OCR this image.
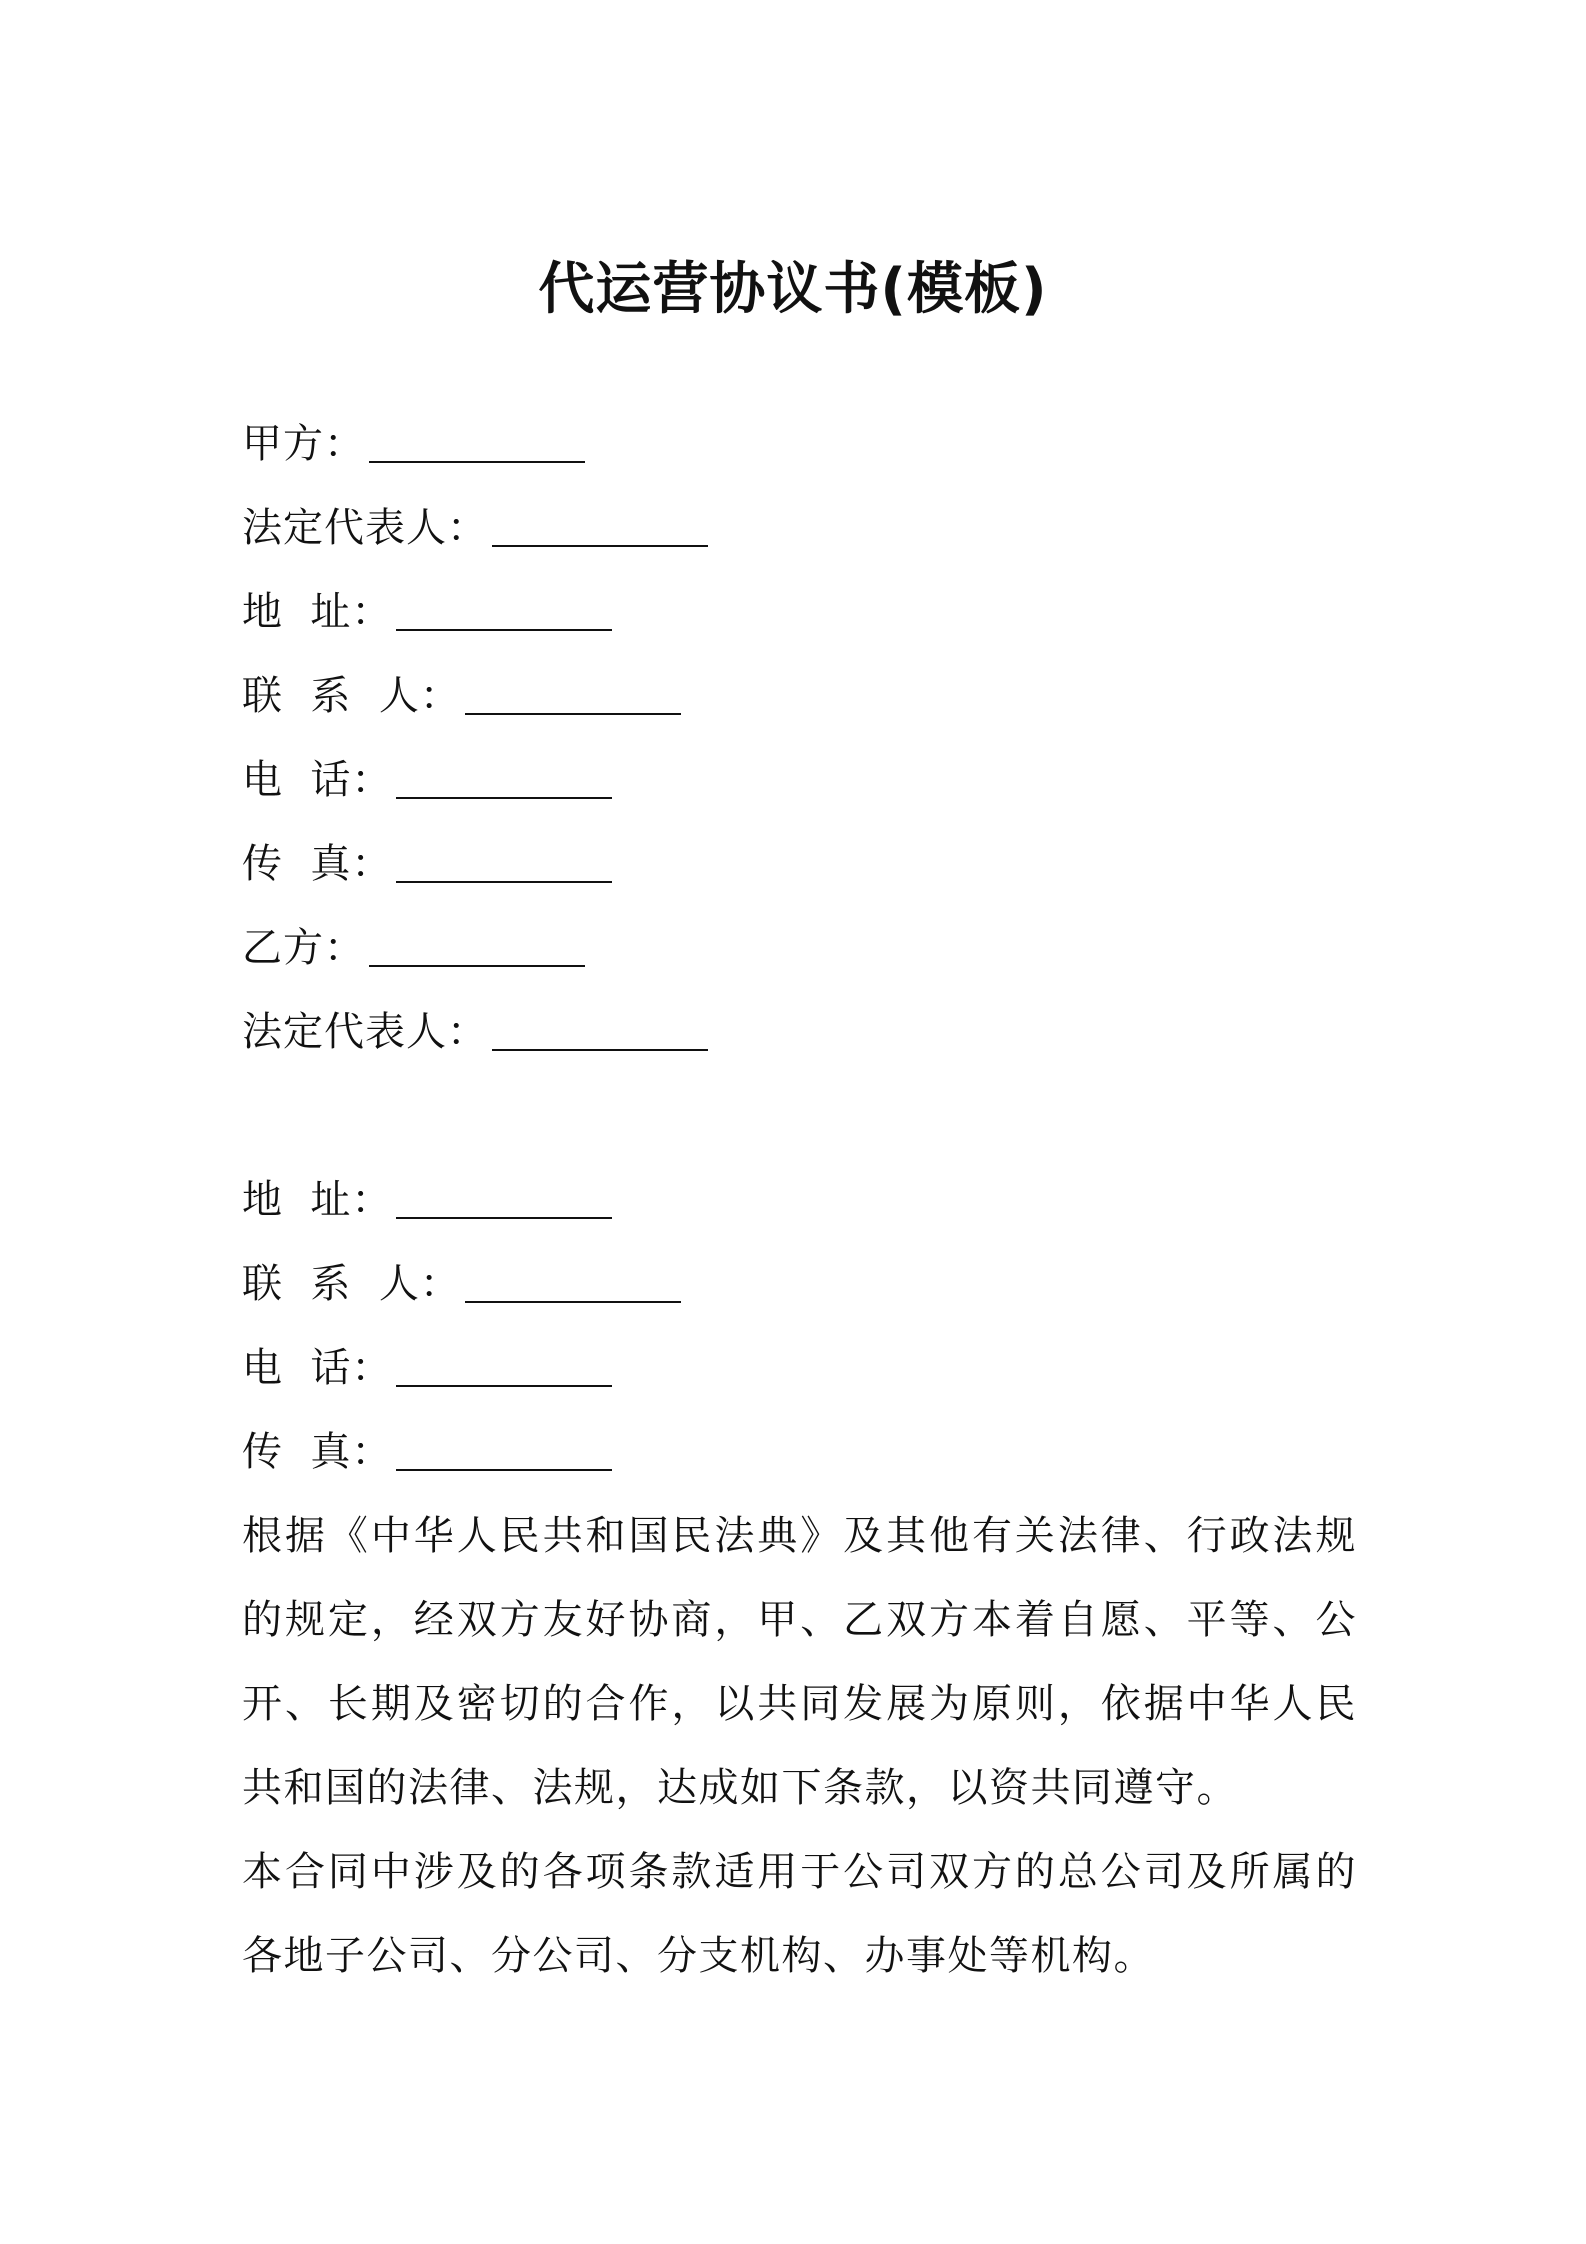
代运营协议书(模板)
甲方：
法定代表人：
地  址：
联  系  人：
电  话：
传  真：
乙方：
法定代表人：
地  址：
联  系  人：
电  话：
传  真：
根据《中华人民共和国民法典》及其他有关法律、行政法规的规定，经双方友好协商，甲、乙双方本着自愿、平等、公开、长期及密切的合作，以共同发展为原则，依据中华人民共和国的法律、法规，达成如下条款，以资共同遵守。
本合同中涉及的各项条款适用于公司双方的总公司及所属的各地子公司、分公司、分支机构、办事处等机构。
